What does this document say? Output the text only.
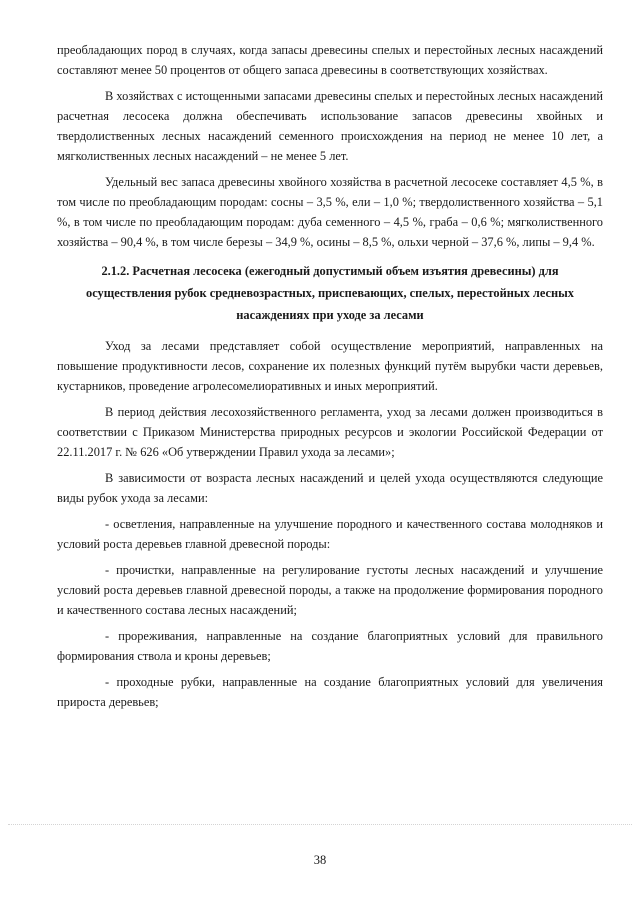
преобладающих пород в случаях, когда запасы древесины спелых и перестойных лесных насаждений составляют менее 50 процентов от общего запаса древесины в соответствующих хозяйствах.

В хозяйствах с истощенными запасами древесины спелых и перестойных лесных насаждений расчетная лесосека должна обеспечивать использование запасов древесины хвойных и твердолиственных лесных насаждений семенного происхождения на период не менее 10 лет, а мягколиственных лесных насаждений – не менее 5 лет.

Удельный вес запаса древесины хвойного хозяйства в расчетной лесосеке составляет 4,5 %, в том числе по преобладающим породам: сосны – 3,5 %, ели – 1,0 %; твердолиственного хозяйства – 5,1 %, в том числе по преобладающим породам: дуба семенного – 4,5 %, граба – 0,6 %; мягколиственного хозяйства – 90,4 %, в том числе березы – 34,9 %, осины – 8,5 %, ольхи черной – 37,6 %, липы – 9,4 %.

2.1.2. Расчетная лесосека (ежегодный допустимый объем изъятия древесины) для осуществления рубок средневозрастных, приспевающих, спелых, перестойных лесных насаждениях при уходе за лесами

Уход за лесами представляет собой осуществление мероприятий, направленных на повышение продуктивности лесов, сохранение их полезных функций путём вырубки части деревьев, кустарников, проведение агролесомелиоративных и иных мероприятий.

В период действия лесохозяйственного регламента, уход за лесами должен производиться в соответствии с Приказом Министерства природных ресурсов и экологии Российской Федерации от 22.11.2017 г. № 626 «Об утверждении Правил ухода за лесами»;

В зависимости от возраста лесных насаждений и целей ухода осуществляются следующие виды рубок ухода за лесами:

- осветления, направленные на улучшение породного и качественного состава молодняков и условий роста деревьев главной древесной породы:

- прочистки, направленные на регулирование густоты лесных насаждений и улучшение условий роста деревьев главной древесной породы, а также на продолжение формирования породного и качественного состава лесных насаждений;

- прореживания, направленные на создание благоприятных условий для правильного формирования ствола и кроны деревьев;

- проходные рубки, направленные на создание благоприятных условий для увеличения прироста деревьев;

38
